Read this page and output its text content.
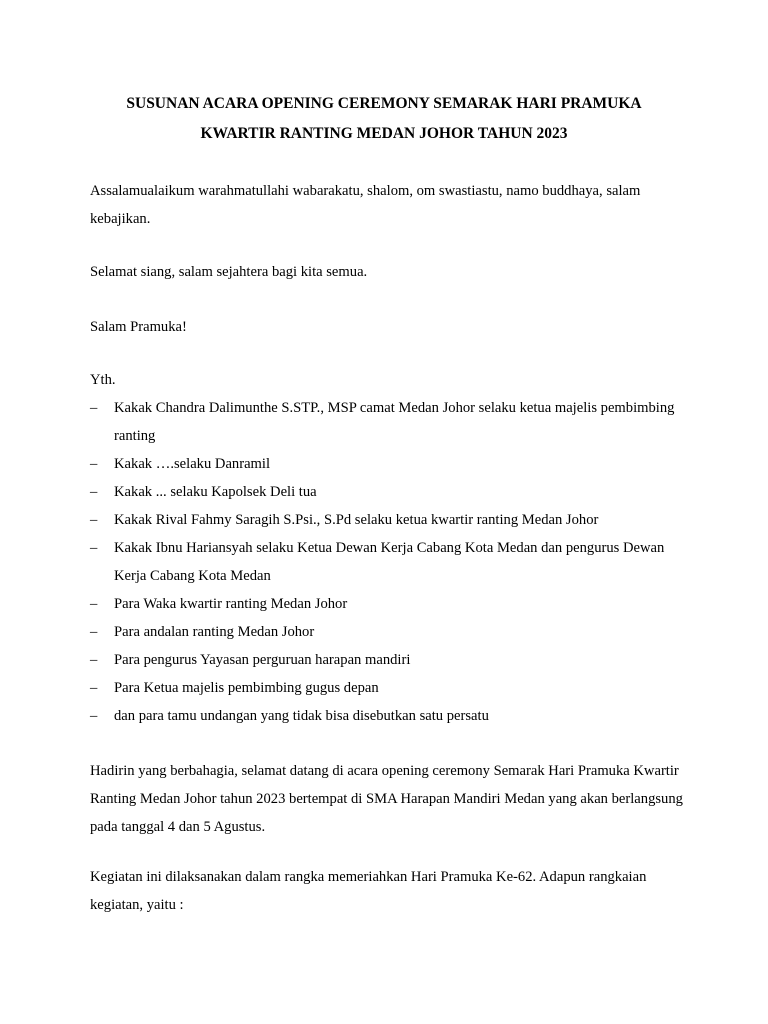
SUSUNAN ACARA OPENING CEREMONY SEMARAK HARI PRAMUKA
KWARTIR RANTING MEDAN JOHOR TAHUN 2023

Assalamualaikum warahmatullahi wabarakatu, shalom, om swastiastu, namo buddhaya, salam kebajikan.

Selamat siang, salam sejahtera bagi kita semua.

Salam Pramuka!

Yth.

– Kakak Chandra Dalimunthe S.STP., MSP camat Medan Johor selaku ketua majelis pembimbing ranting
– Kakak ….selaku Danramil
– Kakak ... selaku Kapolsek Deli tua
– Kakak Rival Fahmy Saragih S.Psi., S.Pd selaku ketua kwartir ranting Medan Johor
– Kakak Ibnu Hariansyah selaku Ketua Dewan Kerja Cabang Kota Medan dan pengurus Dewan Kerja Cabang Kota Medan
– Para Waka kwartir ranting Medan Johor
– Para andalan ranting Medan Johor
– Para pengurus Yayasan perguruan harapan mandiri
– Para Ketua majelis pembimbing gugus depan
– dan para tamu undangan yang tidak bisa disebutkan satu persatu

Hadirin yang berbahagia, selamat datang di acara opening ceremony Semarak Hari Pramuka Kwartir Ranting Medan Johor tahun 2023 bertempat di SMA Harapan Mandiri Medan yang akan berlangsung pada tanggal 4 dan 5 Agustus.

Kegiatan ini dilaksanakan dalam rangka memeriahkan Hari Pramuka Ke-62. Adapun rangkaian kegiatan, yaitu :
